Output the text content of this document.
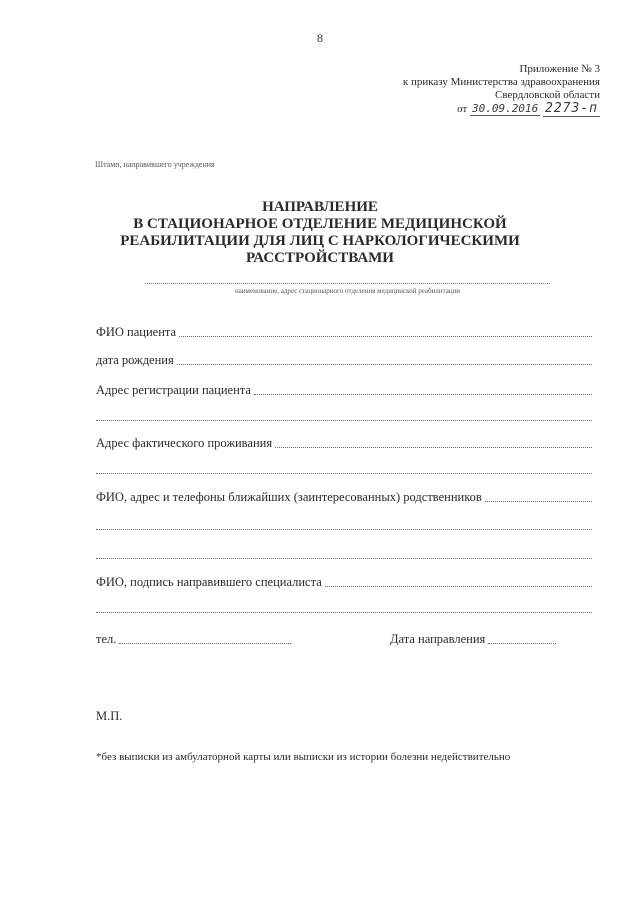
8
Приложение № 3
к приказу Министерства здравоохранения
Свердловской области
от 30.09.2016 2273-п
Штамп, направившего учреждения
НАПРАВЛЕНИЕ
В СТАЦИОНАРНОЕ ОТДЕЛЕНИЕ МЕДИЦИНСКОЙ
РЕАБИЛИТАЦИИ ДЛЯ ЛИЦ С НАРКОЛОГИЧЕСКИМИ
РАССТРОЙСТВАМИ
наименование, адрес стационарного отделения медицинской реабилитации
ФИО пациента
дата рождения
Адрес регистрации пациента
Адрес фактического проживания
ФИО, адрес и телефоны ближайших (заинтересованных) родственников
ФИО, подпись направившего специалиста
тел.	Дата направления
М.П.
*без выписки из амбулаторной карты или выписки из истории болезни недействительно
